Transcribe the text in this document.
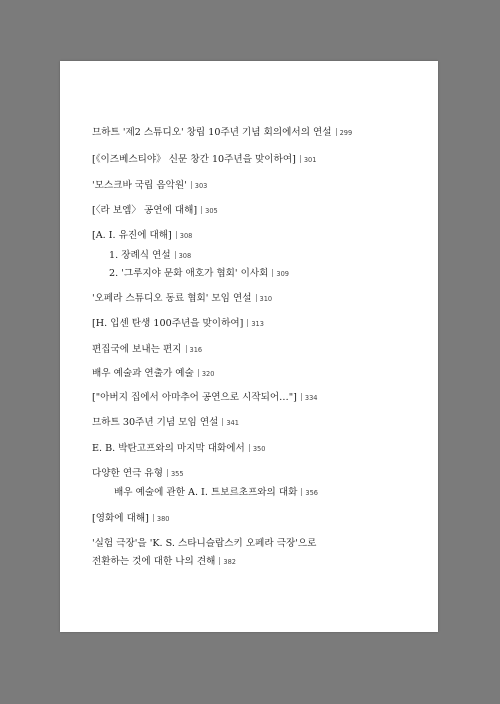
므하트 '제2 스튜디오' 창립 10주년 기념 회의에서의 연설 299
[《이즈베스티야》 신문 창간 10주년을 맞이하여] 301
'모스크바 국립 음악원' 303
[〈라 보엠〉 공연에 대해] 305
[A. I. 유진에 대해] 308
1. 장례식 연설 308
2. '그루지야 문화 애호가 협회' 이사회 309
'오페라 스튜디오 동료 협회' 모임 연설 310
[H. 입센 탄생 100주년을 맞이하여] 313
편집국에 보내는 편지 316
배우 예술과 연출가 예술 320
["아버지 집에서 아마추어 공연으로 시작되어…"] 334
므하트 30주년 기념 모임 연설 341
E. B. 박탄고프와의 마지막 대화에서 350
다양한 연극 유형 355
배우 예술에 관한 A. I. 트보르초프와의 대화 356
[영화에 대해] 380
'실험 극장'을 'K. S. 스타니슬랍스키 오페라 극장'으로
전환하는 것에 대한 나의 견해 382
